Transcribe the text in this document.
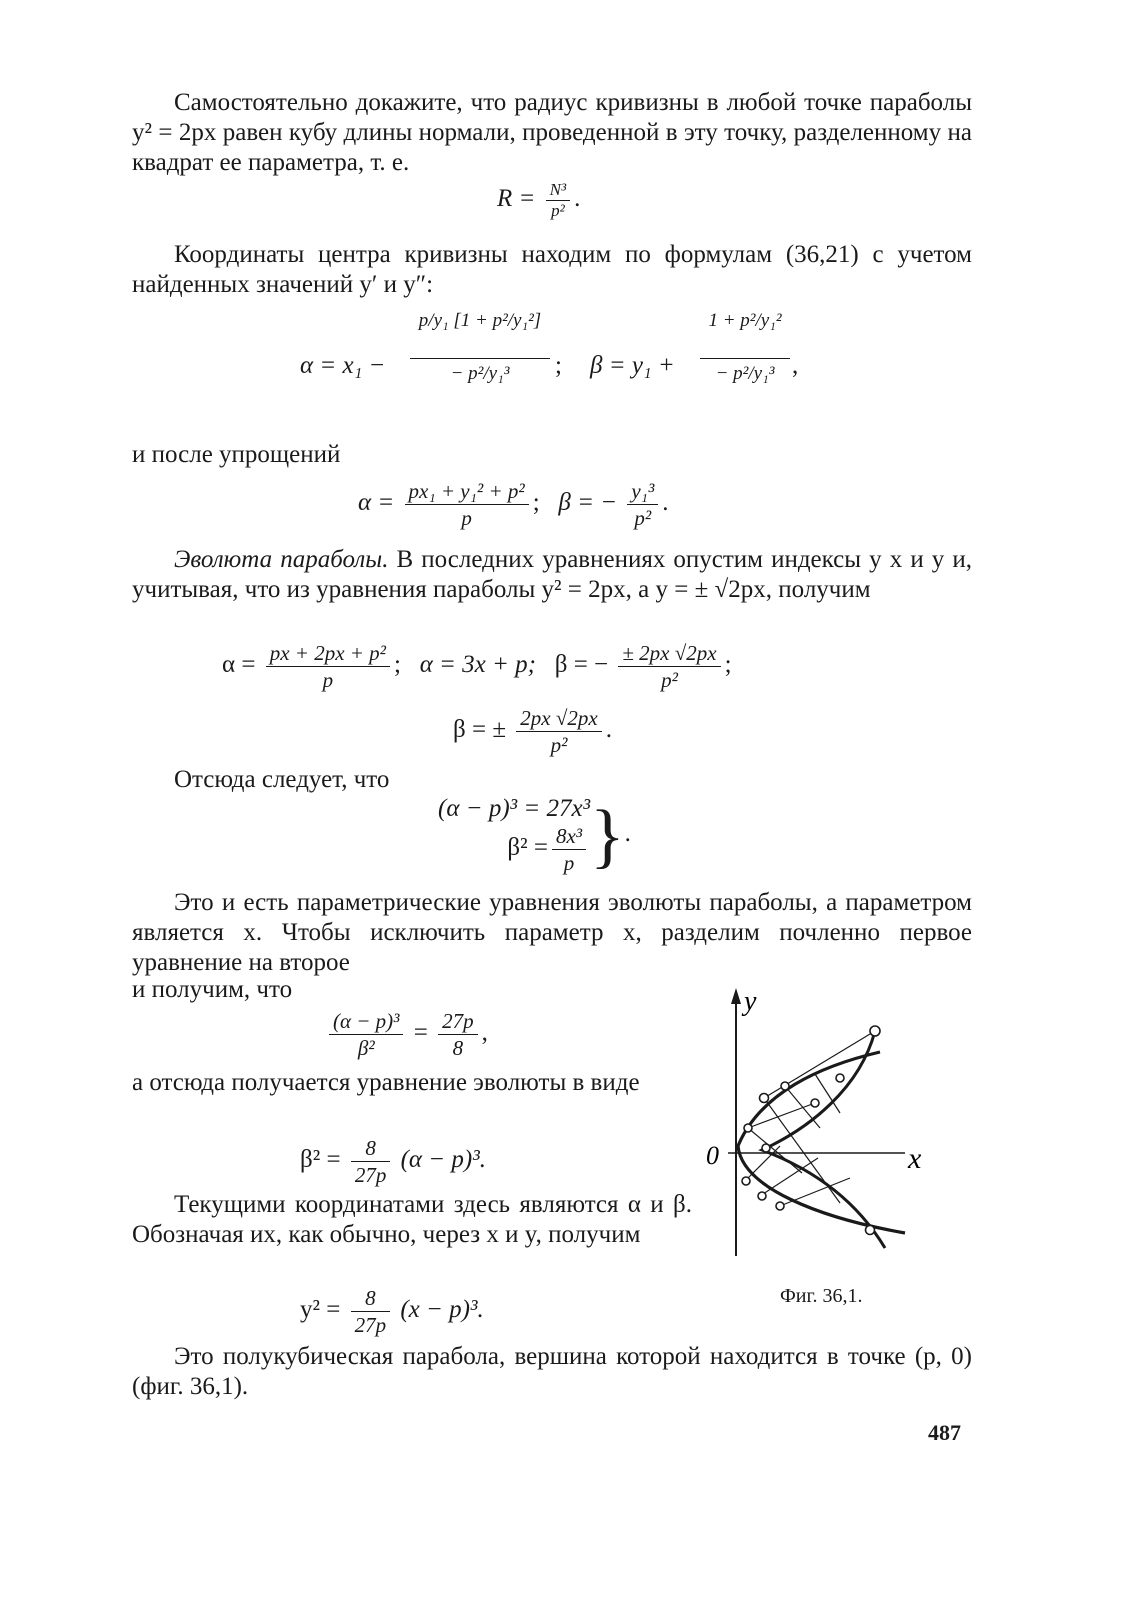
Самостоятельно докажите, что радиус кривизны в любой точке параболы y² = 2px равен кубу длины нормали, проведенной в эту точку, разделенному на квадрат ее параметра, т. е.
$R = \frac{\text{N³}}{\text{p²}}$ .
Координаты центра кривизны находим по формулам (36,21) с учетом найденных значений y′ и y″:
α = x₁ −
p/y₁ [1 + p²/y₁²]
− p²/y₁³	; β = y₁ +
1 + p²/y₁²
− p²/y₁³ ,
и после упрощений
$\alpha = \frac{\text{px₁ + y₁² + p²}}{p}$ ; β = − $\frac{\text{y₁³}}{\text{p²}}$ .
Эволюта параболы. В последних уравнениях опустим индексы у x и y и, учитывая, что из уравнения параболы y² = 2px, а y = ± √2px, получим
$\alpha = \frac{\text{px + 2px + p²}}{p}$ ; α = 3x + p; β = − $\frac{\pm 2px √2px}{\text{p²}}$ ;
β = ± $\frac{2px √2px}{\text{p²}}$ .
Отсюда следует, что
(α − p)³ = 27x³
$\beta^2 = \frac{\text{8x³}}{p}$ }.
Это и есть параметрические уравнения эволюты параболы, а параметром является x. Чтобы исключить параметр x, разделим почленно первое уравнение на второе
и получим, что
$\frac{\text{(α − p)³}}{\text{β²}} = \frac{27p}{8}$ ,
а отсюда получается уравнение эволюты в виде
$\beta^2 = \frac{8}{27p} (\alpha - p)^3$.
Текущими координатами здесь являются α и β. Обозначая их, как обычно, через x и y, получим
$y^2 = \frac{8}{27p} (x - p)^3$.
Это полукубическая парабола, вершина которой находится в точке (p, 0) (фиг. 36,1).
y
x
0
Фиг. 36,1.
487
